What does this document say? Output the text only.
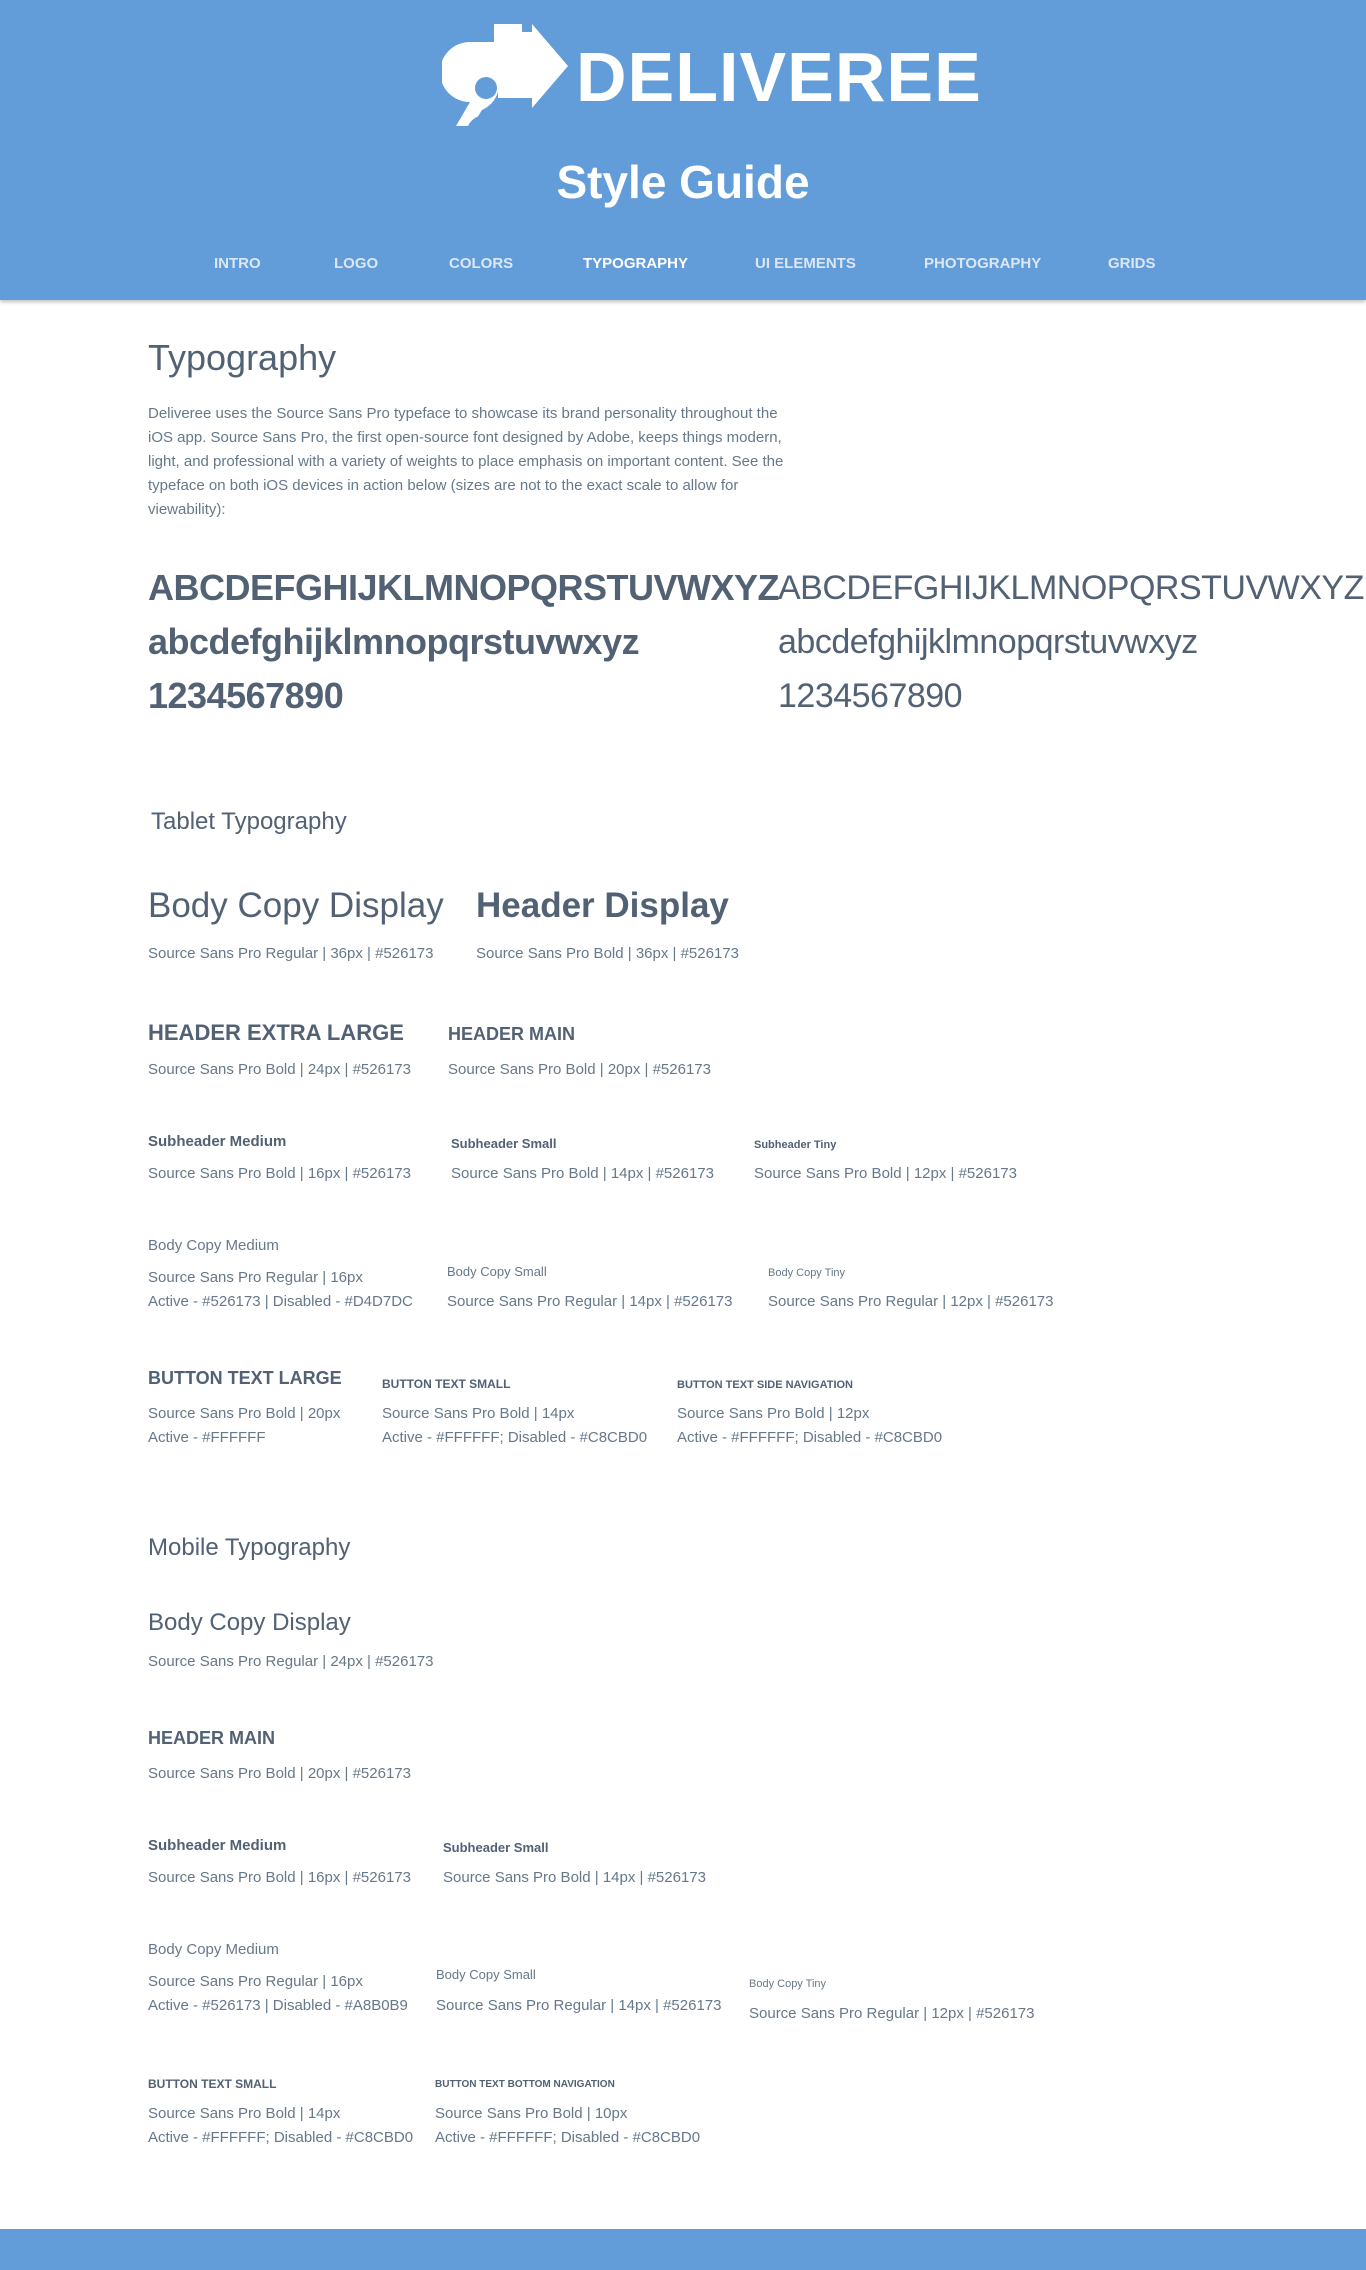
DELIVEREE
Style Guide
INTRO	LOGO	COLORS	TYPOGRAPHY	UI ELEMENTS	PHOTOGRAPHY	GRIDS
Typography
Deliveree uses the Source Sans Pro typeface to showcase its brand personality throughout the iOS app. Source Sans Pro, the first open-source font designed by Adobe, keeps things modern, light, and professional with a variety of weights to place emphasis on important content. See the typeface on both iOS devices in action below (sizes are not to the exact scale to allow for viewability):
ABCDEFGHIJKLMNOPQRSTUVWXYZ
abcdefghijklmnopqrstuvwxyz
1234567890
ABCDEFGHIJKLMNOPQRSTUVWXYZ
abcdefghijklmnopqrstuvwxyz
1234567890
Tablet Typography
Body Copy Display
Source Sans Pro Regular | 36px | #526173
Header Display
Source Sans Pro Bold | 36px | #526173
HEADER EXTRA LARGE
Source Sans Pro Bold | 24px | #526173
HEADER MAIN
Source Sans Pro Bold | 20px | #526173
Subheader Medium
Source Sans Pro Bold | 16px | #526173
Subheader Small
Source Sans Pro Bold | 14px | #526173
Subheader Tiny
Source Sans Pro Bold | 12px | #526173
Body Copy Medium
Source Sans Pro Regular | 16px
Active - #526173 | Disabled - #D4D7DC
Body Copy Small
Source Sans Pro Regular | 14px | #526173
Body Copy Tiny
Source Sans Pro Regular | 12px | #526173
BUTTON TEXT LARGE
Source Sans Pro Bold | 20px
Active - #FFFFFF
BUTTON TEXT SMALL
Source Sans Pro Bold | 14px
Active - #FFFFFF; Disabled - #C8CBD0
BUTTON TEXT SIDE NAVIGATION
Source Sans Pro Bold | 12px
Active - #FFFFFF; Disabled - #C8CBD0
Mobile Typography
Body Copy Display
Source Sans Pro Regular | 24px | #526173
HEADER MAIN
Source Sans Pro Bold | 20px | #526173
Subheader Medium
Source Sans Pro Bold | 16px | #526173
Subheader Small
Source Sans Pro Bold | 14px | #526173
Body Copy Medium
Source Sans Pro Regular | 16px
Active - #526173 | Disabled - #A8B0B9
Body Copy Small
Source Sans Pro Regular | 14px | #526173
Body Copy Tiny
Source Sans Pro Regular | 12px | #526173
BUTTON TEXT SMALL
Source Sans Pro Bold | 14px
Active - #FFFFFF; Disabled - #C8CBD0
BUTTON TEXT BOTTOM NAVIGATION
Source Sans Pro Bold | 10px
Active - #FFFFFF; Disabled - #C8CBD0
